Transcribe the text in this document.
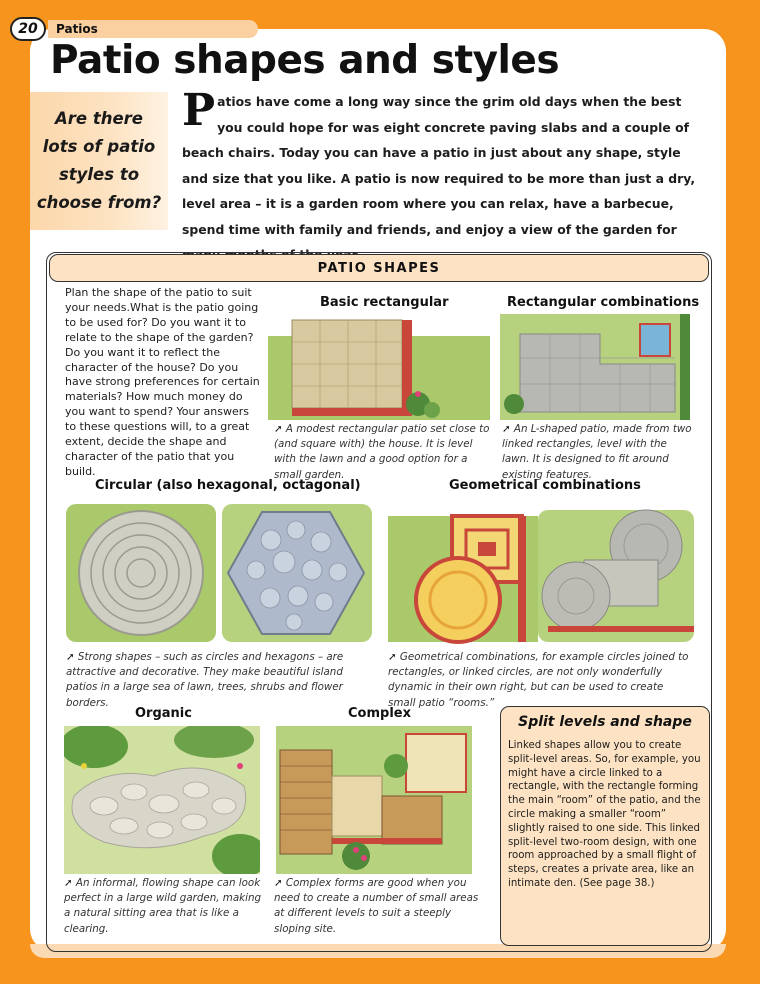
20	Patios
Patio shapes and styles
Are there lots of patio styles to choose from?

Patios have come a long way since the grim old days when the best you could hope for was eight concrete paving slabs and a couple of beach chairs. Today you can have a patio in just about any shape, style and size that you like. A patio is now required to be more than just a dry, level area – it is a garden room where you can relax, have a barbecue, spend time with family and friends, and enjoy a view of the garden for

PATIO SHAPES

Plan the shape of the patio to suit your needs.What is the patio going to be used for? Do you want it to relate to the shape of the garden? Do you want it to reflect the character of the house? Do you have strong preferences for certain materials? How much money do you want to spend? Your answers to these questions will, to a great extent, decide the shape and character of the patio that you build.

Basic rectangular

➚ A modest rectangular patio set close to (and square with) the house. It is level with the lawn and a good option for a small garden.

Rectangular combinations

➚ An L-shaped patio, made from two linked rectangles, level with the lawn. It is designed to fit around existing features.

Circular (also hexagonal, octagonal)

➚ Strong shapes – such as circles and hexagons – are attractive and decorative. They make beautiful island patios in a large sea of lawn, trees, shrubs and flower borders.

Geometrical combinations

➚ Geometrical combinations, for example circles joined to rectangles, or linked circles, are not only wonderfully dynamic in their own right, but can be used to create small patio “rooms.”

Organic

➚ An informal, flowing shape can look perfect in a large wild garden, making a natural sitting area that is like a clearing.

Complex

➚ Complex forms are good when you need to create a number of small areas at different levels to suit a steeply sloping site.

Split levels and shape

Linked shapes allow you to create split-level areas. So, for example, you might have a circle linked to a rectangle, with the rectangle forming the main “room” of the patio, and the circle making a smaller “room” slightly raised to one side. This linked split-level two-room design, with one room approached by a small flight of steps, creates a private area, like an intimate den. (See page 38.)
